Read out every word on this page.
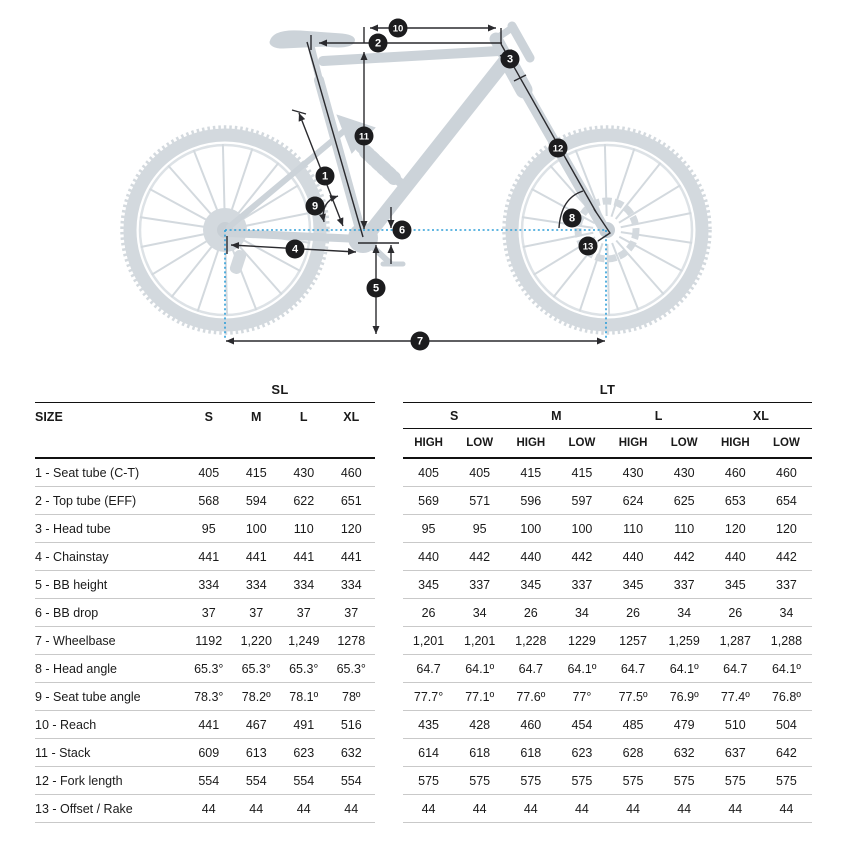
1
2
3
4
5
6
7
8
9
10
11
12
13
SL
SIZE	S	M	L	XL
1 - Seat tube (C-T)	405	415	430	460
2 - Top tube (EFF)	568	594	622	651
3 - Head tube	95	100	110	120
4 - Chainstay	441	441	441	441
5 - BB height	334	334	334	334
6 - BB drop	37	37	37	37
7 - Wheelbase	1192	1,220	1,249	1278
8 - Head angle	65.3°	65.3°	65.3°	65.3°
9 - Seat tube angle	78.3°	78.2º	78.1º	78º
10 - Reach	441	467	491	516
11 - Stack	609	613	623	632
12 - Fork length	554	554	554	554
13 - Offset / Rake	44	44	44	44
LT
S	M	L	XL
HIGH	LOW	HIGH	LOW	HIGH	LOW	HIGH	LOW
405	405	415	415	430	430	460	460
569	571	596	597	624	625	653	654
95	95	100	100	110	110	120	120
440	442	440	442	440	442	440	442
345	337	345	337	345	337	345	337
26	34	26	34	26	34	26	34
1,201	1,201	1,228	1229	1257	1,259	1,287	1,288
64.7	64.1º	64.7	64.1º	64.7	64.1º	64.7	64.1º
77.7°	77.1º	77.6º	77°	77.5º	76.9º	77.4º	76.8º
435	428	460	454	485	479	510	504
614	618	618	623	628	632	637	642
575	575	575	575	575	575	575	575
44	44	44	44	44	44	44	44
